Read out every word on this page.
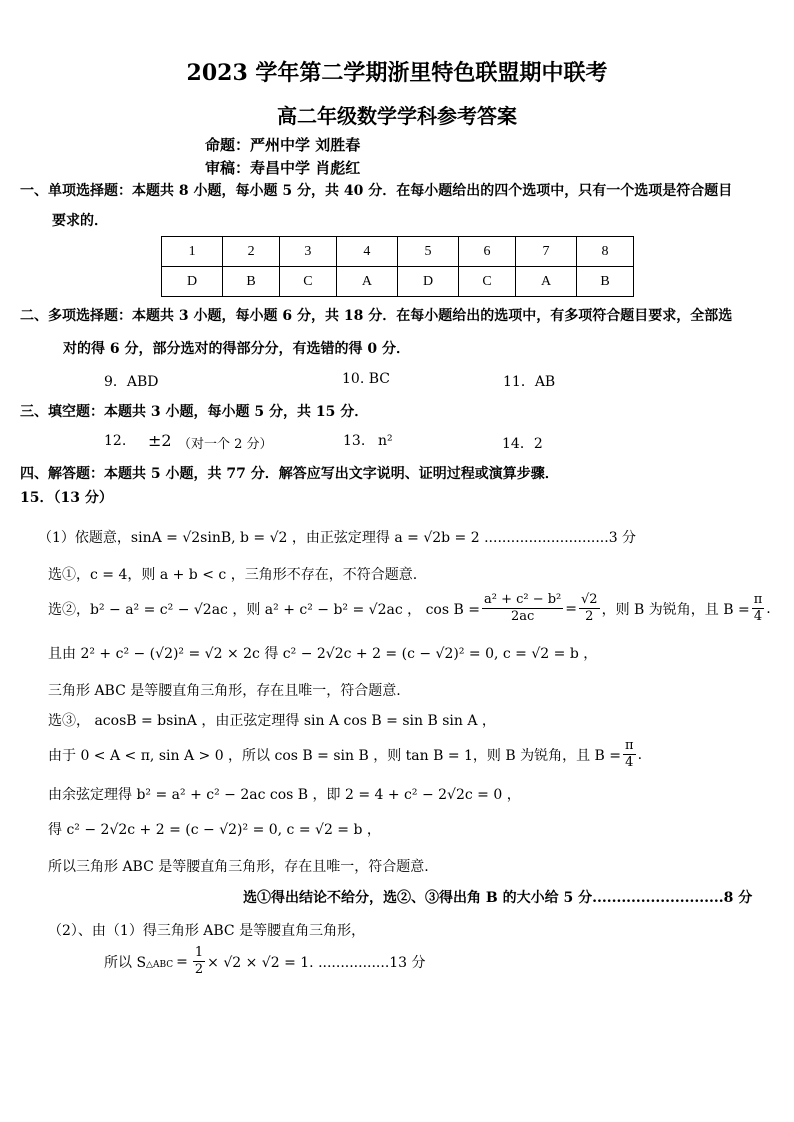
2023 学年第二学期浙里特色联盟期中联考
高二年级数学学科参考答案
命题：严州中学 刘胜春
审稿：寿昌中学 肖彪红
一、单项选择题：本题共 8 小题，每小题 5 分，共 40 分．在每小题给出的四个选项中，只有一个选项是符合题目
要求的．
1	2	3	4	5	6	7	8
D	B	C	A	D	C	A	B
二、多项选择题：本题共 3 小题，每小题 6 分，共 18 分．在每小题给出的选项中，有多项符合题目要求，全部选
对的得 6 分，部分选对的得部分分，有选错的得 0 分．
9．ABD	10. BC	11．AB
三、填空题：本题共 3 小题，每小题 5 分，共 15 分．
12. ±2 （对一个 2 分）	13. n²	14．2
四、解答题：本题共 5 小题，共 77 分．解答应写出文字说明、证明过程或演算步骤．
15．（13 分）
（1）依题意，sinA = √2sinB, b = √2 ，由正弦定理得 a = √2b = 2 ............................3 分
选①，c = 4，则 a + b < c ，三角形不存在，不符合题意.
选②，b² − a² = c² − √2ac ，则 a² + c² − b² = √2ac ， $\cos B = \frac{\text{a² + c² − b²}}{2ac} = \frac{√2}{2}$ ，则 B 为锐角，且 $B = \frac{\pi}{4}$ .
且由 2² + c² − (√2)² = √2 × 2c 得 c² − 2√2c + 2 = (c − √2)² = 0, c = √2 = b ，
三角形 ABC 是等腰直角三角形，存在且唯一，符合题意.
选③， acosB = bsinA ，由正弦定理得 sin A cos B = sin B sin A ，
由于 0 < A < π, sin A > 0 ，所以 cos B = sin B ，则 tan B = 1，则 B 为锐角，且 $B = \frac{\pi}{4}$ .
由余弦定理得 b² = a² + c² − 2ac cos B ，即 2 = 4 + c² − 2√2c = 0 ，
得 c² − 2√2c + 2 = (c − √2)² = 0, c = √2 = b ，
所以三角形 ABC 是等腰直角三角形，存在且唯一，符合题意.
选①得出结论不给分，选②、③得出角 B 的大小给 5 分...........................8 分
（2）、由（1）得三角形 ABC 是等腰直角三角形，
所以 S △ABC = $\frac{1}{2} \times √2 \times √2 = 1$. ................13 分
